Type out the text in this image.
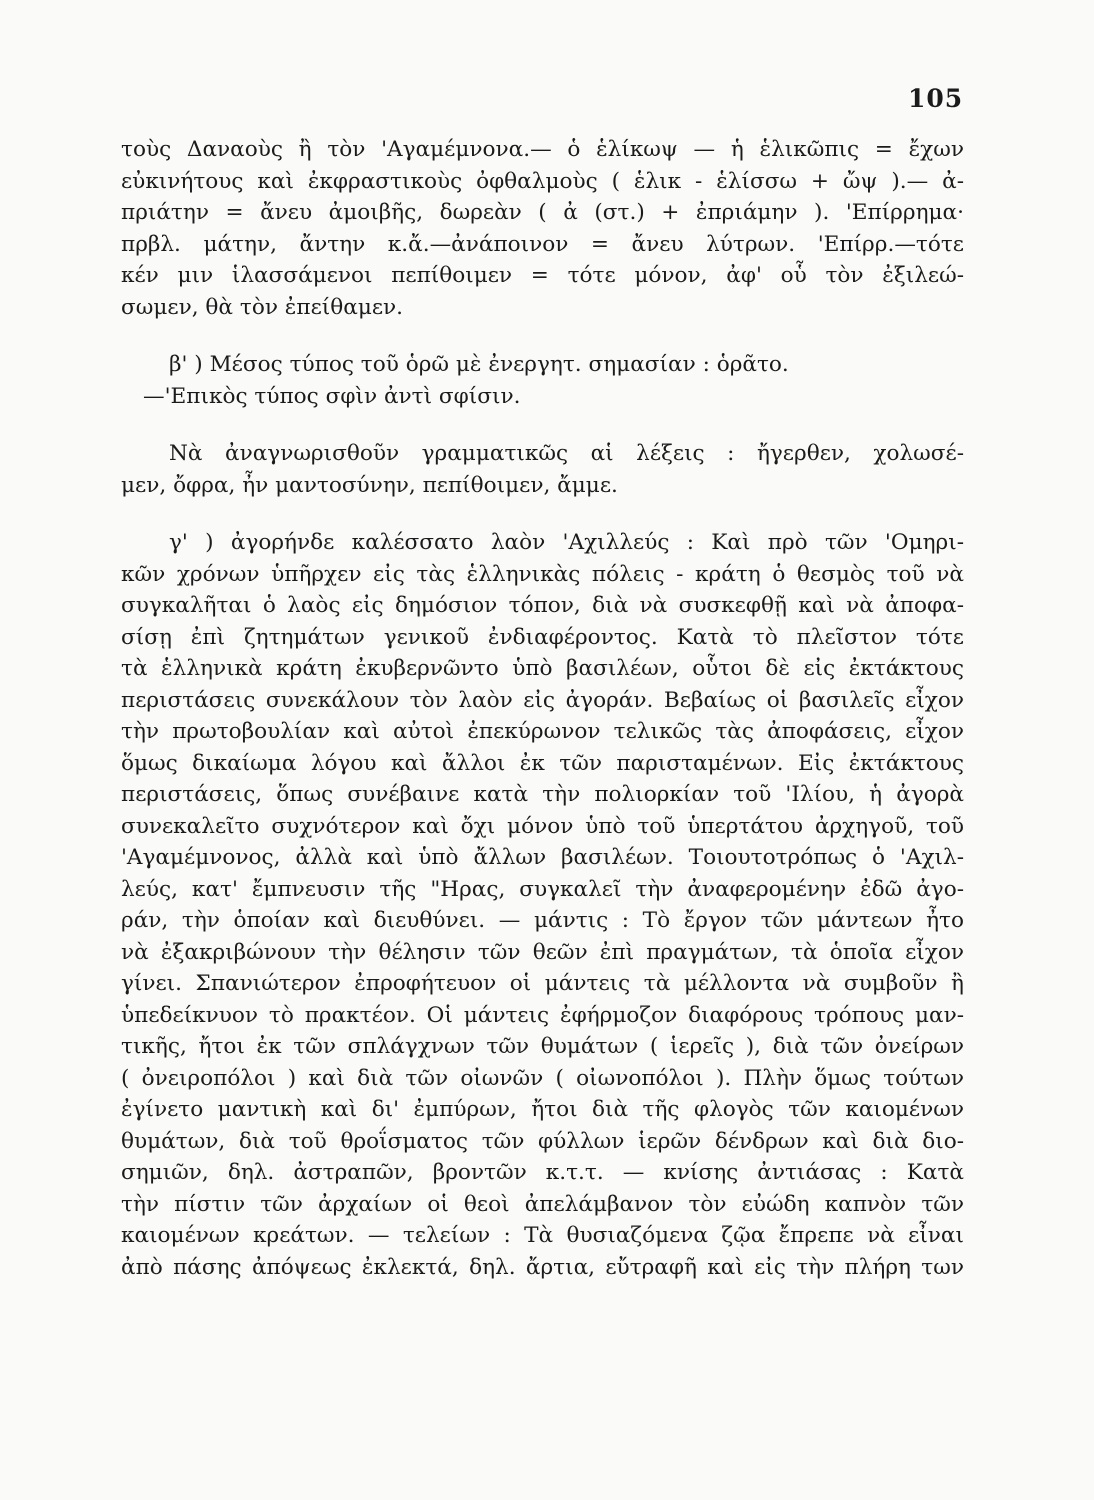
105
τοὺς Δαναοὺς ἢ τὸν 'Αγαμέμνονα.— ὁ ἑλίκωψ — ἡ ἑλικῶπις = ἔχων
εὐκινήτους καὶ ἐκφραστικοὺς ὀφθαλμοὺς ( ἑλικ - ἑλίσσω + ὤψ ).— ἀ-
πριάτην = ἄνευ ἀμοιβῆς, δωρεὰν ( ἀ (στ.) + ἐπριάμην ). 'Επίρρημα·
πρβλ. μάτην, ἄντην κ.ἄ.—ἀνάποινον = ἄνευ λύτρων. 'Επίρρ.—τότε
κέν μιν ἱλασσάμενοι πεπίθοιμεν = τότε μόνον, ἀφ' οὗ τὸν ἐξιλεώ-
σωμεν, θὰ τὸν ἐπείθαμεν.
β' ) Μέσος τύπος τοῦ ὁρῶ μὲ ἐνεργητ. σημασίαν : ὁρᾶτο.
—'Επικὸς τύπος σφὶν ἀντὶ σφίσιν.
Νὰ ἀναγνωρισθοῦν γραμματικῶς αἱ λέξεις : ἤγερθεν, χολωσέ-
μεν, ὄφρα, ἦν μαντοσύνην, πεπίθοιμεν, ἄμμε.
γ' ) ἀγορήνδε καλέσσατο λαὸν 'Αχιλλεύς : Καὶ πρὸ τῶν 'Ομηρι-
κῶν χρόνων ὑπῆρχεν εἰς τὰς ἑλληνικὰς πόλεις - κράτη ὁ θεσμὸς τοῦ νὰ
συγκαλῆται ὁ λαὸς εἰς δημόσιον τόπον, διὰ νὰ συσκεφθῇ καὶ νὰ ἀποφα-
σίσῃ ἐπὶ ζητημάτων γενικοῦ ἐνδιαφέροντος. Κατὰ τὸ πλεῖστον τότε
τὰ ἑλληνικὰ κράτη ἐκυβερνῶντο ὑπὸ βασιλέων, οὗτοι δὲ εἰς ἐκτάκτους
περιστάσεις συνεκάλουν τὸν λαὸν εἰς ἀγοράν. Βεβαίως οἱ βασιλεῖς εἶχον
τὴν πρωτοβουλίαν καὶ αὐτοὶ ἐπεκύρωνον τελικῶς τὰς ἀποφάσεις, εἶχον
ὅμως δικαίωμα λόγου καὶ ἄλλοι ἐκ τῶν παρισταμένων. Εἰς ἐκτάκτους
περιστάσεις, ὅπως συνέβαινε κατὰ τὴν πολιορκίαν τοῦ 'Ιλίου, ἡ ἀγορὰ
συνεκαλεῖτο συχνότερον καὶ ὄχι μόνον ὑπὸ τοῦ ὑπερτάτου ἀρχηγοῦ, τοῦ
'Αγαμέμνονος, ἀλλὰ καὶ ὑπὸ ἄλλων βασιλέων. Τοιουτοτρόπως ὁ 'Αχιλ-
λεύς, κατ' ἔμπνευσιν τῆς "Ηρας, συγκαλεῖ τὴν ἀναφερομένην ἐδῶ ἀγο-
ράν, τὴν ὁποίαν καὶ διευθύνει. — μάντις : Τὸ ἔργον τῶν μάντεων ἦτο
νὰ ἐξακριβώνουν τὴν θέλησιν τῶν θεῶν ἐπὶ πραγμάτων, τὰ ὁποῖα εἶχον
γίνει. Σπανιώτερον ἐπροφήτευον οἱ μάντεις τὰ μέλλοντα νὰ συμβοῦν ἢ
ὑπεδείκνυον τὸ πρακτέον. Οἱ μάντεις ἐφήρμοζον διαφόρους τρόπους μαν-
τικῆς, ἤτοι ἐκ τῶν σπλάγχνων τῶν θυμάτων ( ἱερεῖς ), διὰ τῶν ὀνείρων
( ὀνειροπόλοι ) καὶ διὰ τῶν οἰωνῶν ( οἰωνοπόλοι ). Πλὴν ὅμως τούτων
ἐγίνετο μαντικὴ καὶ δι' ἐμπύρων, ἤτοι διὰ τῆς φλογὸς τῶν καιομένων
θυμάτων, διὰ τοῦ θροΐσματος τῶν φύλλων ἱερῶν δένδρων καὶ διὰ διο-
σημιῶν, δηλ. ἀστραπῶν, βροντῶν κ.τ.τ. — κνίσης ἀντιάσας : Κατὰ
τὴν πίστιν τῶν ἀρχαίων οἱ θεοὶ ἀπελάμβανον τὸν εὐώδη καπνὸν τῶν
καιομένων κρεάτων. — τελείων : Τὰ θυσιαζόμενα ζῷα ἔπρεπε νὰ εἶναι
ἀπὸ πάσης ἀπόψεως ἐκλεκτά, δηλ. ἄρτια, εὔτραφῆ καὶ εἰς τὴν πλήρη των
